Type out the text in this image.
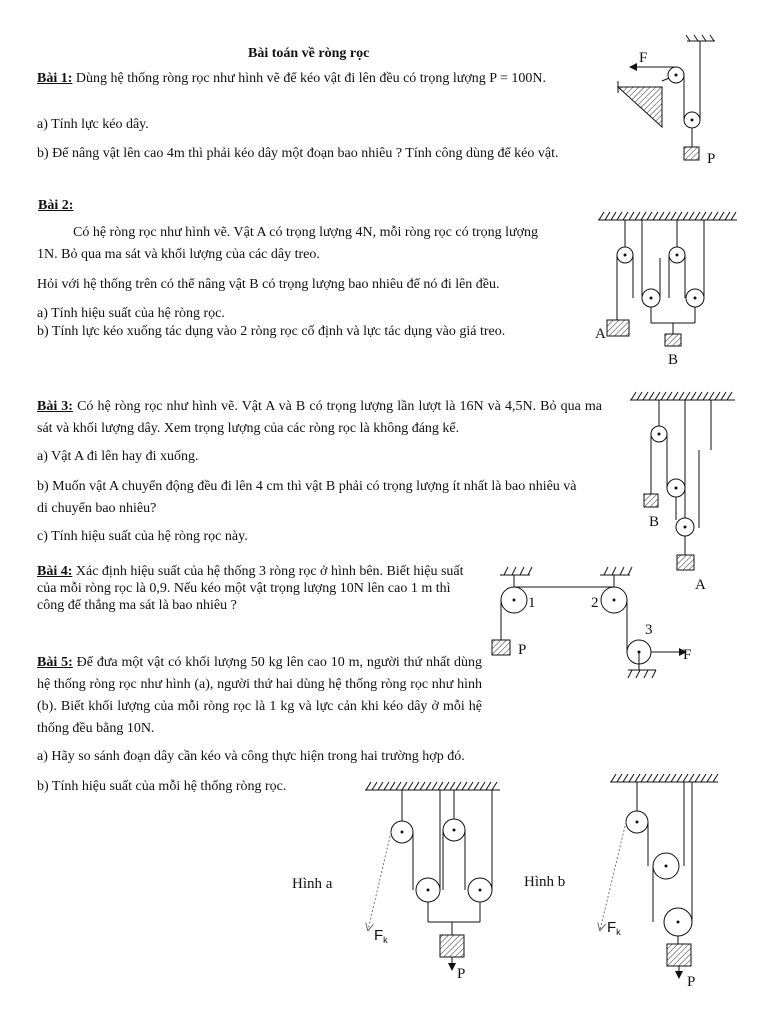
Bài toán về ròng rọc

Bài 1: Dùng hệ thống ròng rọc như hình vẽ để kéo vật đi lên đều có trọng lượng P = 100N.

a) Tính lực kéo dây.

b) Để nâng vật lên cao 4m thì phải kéo dây một đoạn bao nhiêu ? Tính công dùng để kéo vật.

F
P
Bài 2:

Có hệ ròng rọc như hình vẽ. Vật A có trọng lượng 4N, mỗi ròng rọc có trọng lượng 1N. Bỏ qua ma sát và khối lượng của các dây treo.

Hỏi với hệ thống trên có thể nâng vật B có trọng lượng bao nhiêu để nó đi lên đều.

a) Tính hiệu suất của hệ ròng rọc.

b) Tính lực kéo xuống tác dụng vào 2 ròng rọc cố định và lực tác dụng vào giá treo.	A
B

Bài 3: Có hệ ròng rọc như hình vẽ. Vật A và B có trọng lượng lần lượt là 16N và 4,5N. Bỏ qua ma sát và khối lượng dây. Xem trọng lượng của các ròng rọc là không đáng kể.

a) Vật A đi lên hay đi xuống.

b) Muốn vật A chuyển động đều đi lên 4 cm thì vật B phải có trọng lượng ít nhất là bao nhiêu và di chuyển bao nhiêu?

c) Tính hiệu suất của hệ ròng rọc này.

B
A

Bài 4: Xác định hiệu suất của hệ thống 3 ròng rọc ở hình bên. Biết hiệu suất của mỗi ròng rọc là 0,9. Nếu kéo một vật trọng lượng 10N lên cao 1 m thì công để thắng ma sát là bao nhiêu ?

P
1	2
3
F

Bài 5: Để đưa một vật có khối lượng 50 kg lên cao 10 m, người thứ nhất dùng hệ thống ròng rọc như hình (a), người thứ hai dùng hệ thống ròng rọc như hình (b). Biết khối lượng của mỗi ròng rọc là 1 kg và lực cản khi kéo dây ở mỗi hệ thống đều bằng 10N.

a) Hãy so sánh đoạn dây cần kéo và công thực hiện trong hai trường hợp đó.

b) Tính hiệu suất của mỗi hệ thống ròng rọc.

Hình a	Hình b
P
$F_k$
P
$F_k$
